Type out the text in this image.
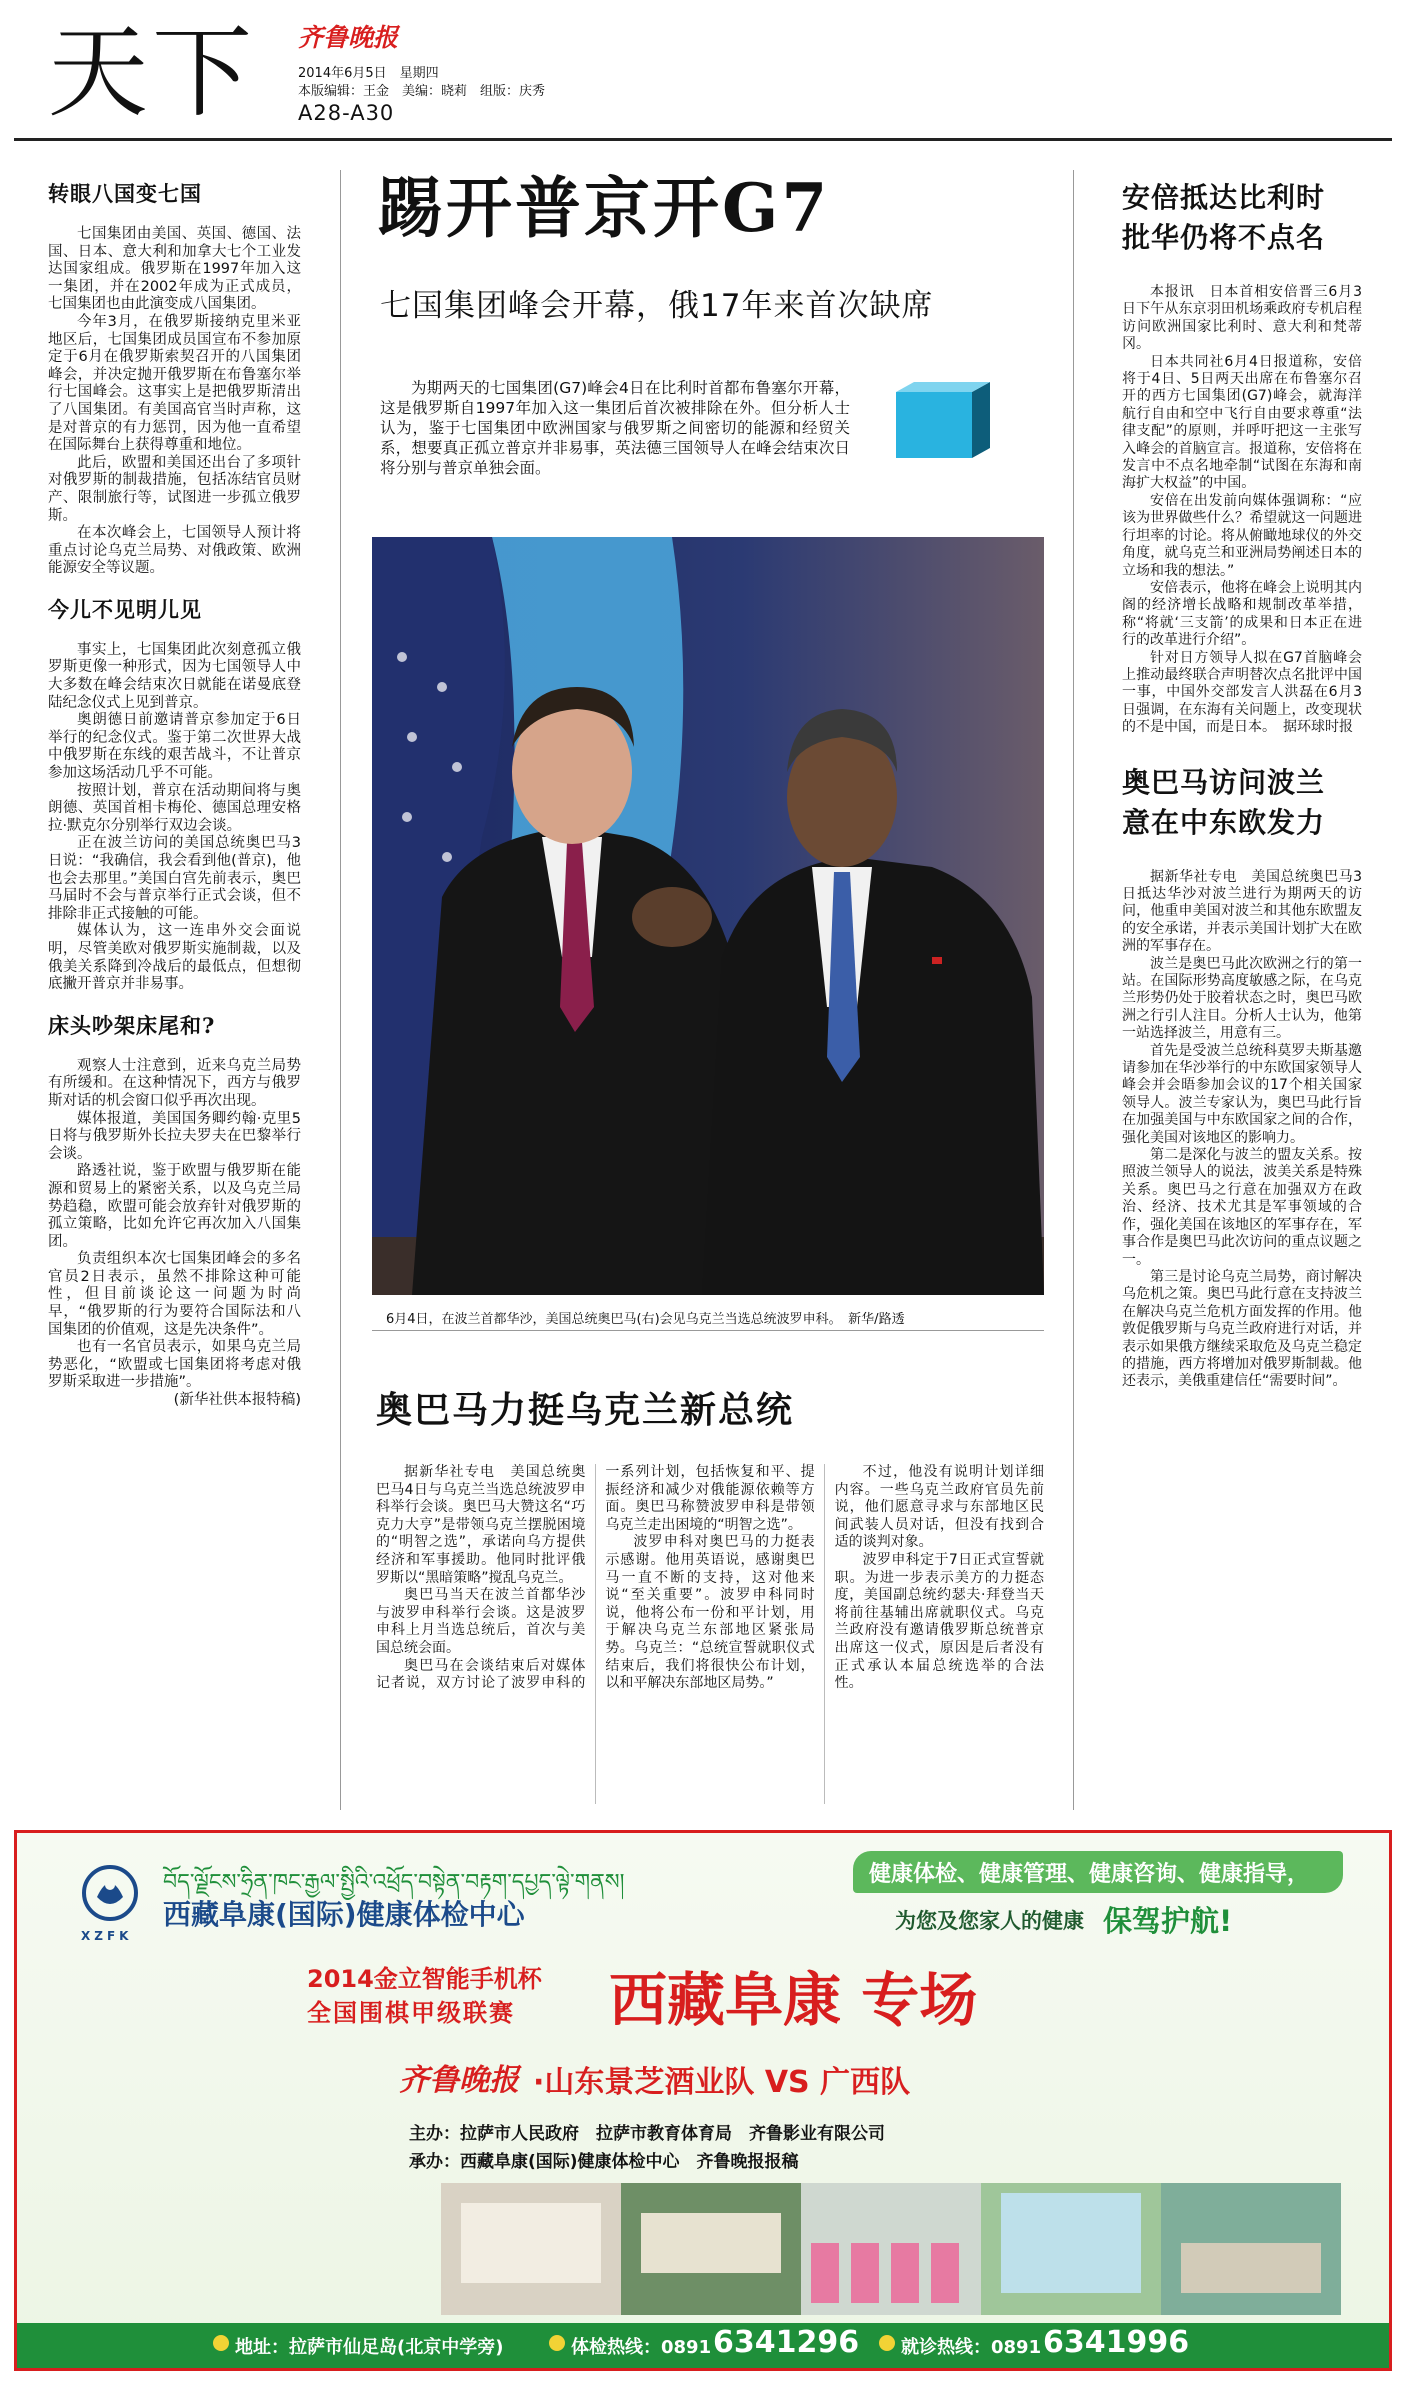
天下 齐鲁晚报
2014年6月5日　星期四
本版编辑：王金　美编：晓莉　组版：庆秀
A28-A30
转眼八国变七国

七国集团由美国、英国、德国、法国、日本、意大利和加拿大七个工业发达国家组成。俄罗斯在1997年加入这一集团，并在2002年成为正式成员，七国集团也由此演变成八国集团。

今年3月，在俄罗斯接纳克里米亚地区后，七国集团成员国宣布不参加原定于6月在俄罗斯索契召开的八国集团峰会，并决定抛开俄罗斯在布鲁塞尔举行七国峰会。这事实上是把俄罗斯清出了八国集团。有美国高官当时声称，这是对普京的有力惩罚，因为他一直希望在国际舞台上获得尊重和地位。

此后，欧盟和美国还出台了多项针对俄罗斯的制裁措施，包括冻结官员财产、限制旅行等，试图进一步孤立俄罗斯。

在本次峰会上，七国领导人预计将重点讨论乌克兰局势、对俄政策、欧洲能源安全等议题。

今儿不见明儿见

事实上，七国集团此次刻意孤立俄罗斯更像一种形式，因为七国领导人中大多数在峰会结束次日就能在诺曼底登陆纪念仪式上见到普京。

奥朗德日前邀请普京参加定于6日举行的纪念仪式。鉴于第二次世界大战中俄罗斯在东线的艰苦战斗，不让普京参加这场活动几乎不可能。

按照计划，普京在活动期间将与奥朗德、英国首相卡梅伦、德国总理安格拉·默克尔分别举行双边会谈。

正在波兰访问的美国总统奥巴马3日说：“我确信，我会看到他(普京)，他也会去那里。”美国白宫先前表示，奥巴马届时不会与普京举行正式会谈，但不排除非正式接触的可能。

媒体认为，这一连串外交会面说明，尽管美欧对俄罗斯实施制裁，以及俄美关系降到冷战后的最低点，但想彻底撇开普京并非易事。

床头吵架床尾和?

观察人士注意到，近来乌克兰局势有所缓和。在这种情况下，西方与俄罗斯对话的机会窗口似乎再次出现。

媒体报道，美国国务卿约翰·克里5日将与俄罗斯外长拉夫罗夫在巴黎举行会谈。

路透社说，鉴于欧盟与俄罗斯在能源和贸易上的紧密关系，以及乌克兰局势趋稳，欧盟可能会放弃针对俄罗斯的孤立策略，比如允许它再次加入八国集团。

负责组织本次七国集团峰会的多名官员2日表示，虽然不排除这种可能性，但目前谈论这一问题为时尚早，“俄罗斯的行为要符合国际法和八国集团的价值观，这是先决条件”。

也有一名官员表示，如果乌克兰局势恶化，“欧盟或七国集团将考虑对俄罗斯采取进一步措施”。

(新华社供本报特稿)

踢开普京开G7
七国集团峰会开幕，俄17年来首次缺席

为期两天的七国集团(G7)峰会4日在比利时首都布鲁塞尔开幕，这是俄罗斯自1997年加入这一集团后首次被排除在外。但分析人士认为，鉴于七国集团中欧洲国家与俄罗斯之间密切的能源和经贸关系，想要真正孤立普京并非易事，英法德三国领导人在峰会结束次日将分别与普京单独会面。

6月4日，在波兰首都华沙，美国总统奥巴马(右)会见乌克兰当选总统波罗申科。　新华/路透
奥巴马力挺乌克兰新总统

据新华社专电　美国总统奥巴马4日与乌克兰当选总统波罗申科举行会谈。奥巴马大赞这名“巧克力大亨”是带领乌克兰摆脱困境的“明智之选”，承诺向乌方提供经济和军事援助。他同时批评俄罗斯以“黑暗策略”搅乱乌克兰。

奥巴马当天在波兰首都华沙与波罗申科举行会谈。这是波罗申科上月当选总统后，首次与美国总统会面。

奥巴马在会谈结束后对媒体记者说，双方讨论了波罗申科的一系列计划，包括恢复和平、提振经济和减少对俄能源依赖等方面。奥巴马称赞波罗申科是带领乌克兰走出困境的“明智之选”。

波罗申科对奥巴马的力挺表示感谢。他用英语说，感谢奥巴马一直不断的支持，这对他来说“至关重要”。波罗申科同时说，他将公布一份和平计划，用于解决乌克兰东部地区紧张局势。乌克兰：“总统宣誓就职仪式结束后，我们将很快公布计划，以和平解决东部地区局势。”

不过，他没有说明计划详细内容。一些乌克兰政府官员先前说，他们愿意寻求与东部地区民间武装人员对话，但没有找到合适的谈判对象。

波罗申科定于7日正式宣誓就职。为进一步表示美方的力挺态度，美国副总统约瑟夫·拜登当天将前往基辅出席就职仪式。乌克兰政府没有邀请俄罗斯总统普京出席这一仪式，原因是后者没有正式承认本届总统选举的合法性。

安倍抵达比利时
批华仍将不点名

本报讯　日本首相安倍晋三6月3日下午从东京羽田机场乘政府专机启程访问欧洲国家比利时、意大利和梵蒂冈。

日本共同社6月4日报道称，安倍将于4日、5日两天出席在布鲁塞尔召开的西方七国集团(G7)峰会，就海洋航行自由和空中飞行自由要求尊重“法律支配”的原则，并呼吁把这一主张写入峰会的首脑宣言。报道称，安倍将在发言中不点名地牵制“试图在东海和南海扩大权益”的中国。

安倍在出发前向媒体强调称：“应该为世界做些什么？希望就这一问题进行坦率的讨论。将从俯瞰地球仪的外交角度，就乌克兰和亚洲局势阐述日本的立场和我的想法。”

安倍表示，他将在峰会上说明其内阁的经济增长战略和规制改革举措，称“将就‘三支箭’的成果和日本正在进行的改革进行介绍”。

针对日方领导人拟在G7首脑峰会上推动最终联合声明替次点名批评中国一事，中国外交部发言人洪磊在6月3日强调，在东海有关问题上，改变现状的不是中国，而是日本。　据环球时报

奥巴马访问波兰
意在中东欧发力

据新华社专电　美国总统奥巴马3日抵达华沙对波兰进行为期两天的访问，他重申美国对波兰和其他东欧盟友的安全承诺，并表示美国计划扩大在欧洲的军事存在。

波兰是奥巴马此次欧洲之行的第一站。在国际形势高度敏感之际，在乌克兰形势仍处于胶着状态之时，奥巴马欧洲之行引人注目。分析人士认为，他第一站选择波兰，用意有三。

首先是受波兰总统科莫罗夫斯基邀请参加在华沙举行的中东欧国家领导人峰会并会晤参加会议的17个相关国家领导人。波兰专家认为，奥巴马此行旨在加强美国与中东欧国家之间的合作，强化美国对该地区的影响力。

第二是深化与波兰的盟友关系。按照波兰领导人的说法，波美关系是特殊关系。奥巴马之行意在加强双方在政治、经济、技术尤其是军事领域的合作，强化美国在该地区的军事存在，军事合作是奥巴马此次访问的重点议题之一。

第三是讨论乌克兰局势，商讨解决乌危机之策。奥巴马此行意在支持波兰在解决乌克兰危机方面发挥的作用。他敦促俄罗斯与乌克兰政府进行对话，并表示如果俄方继续采取危及乌克兰稳定的措施，西方将增加对俄罗斯制裁。他还表示，美俄重建信任“需要时间”。

XZFK
བོད་ལྗོངས་ཧྲིན་ཁང་རྒྱལ་སྤྱིའི་འཕྲོད་བསྟེན་བརྟག་དཔྱད་ལྟེ་གནས།
西藏阜康(国际)健康体检中心
健康体检、健康管理、健康咨询、健康指导，
为您及您家人的健康 保驾护航!
2014金立智能手机杯
全国围棋甲级联赛 西藏阜康 专场
齐鲁晚报 ·山东景芝酒业队 VS 广西队
主办：拉萨市人民政府　拉萨市教育体育局　齐鲁影业有限公司
承办：西藏阜康(国际)健康体检中心　齐鲁晚报报稿
地址：拉萨市仙足岛(北京中学旁)	体检热线：0891 6341296 就诊热线：0891 6341996
